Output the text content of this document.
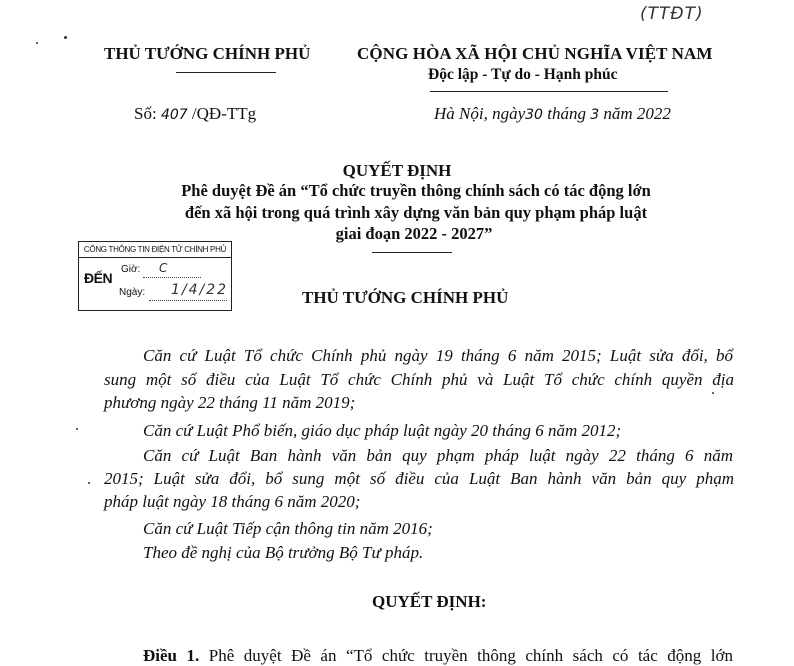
(TTĐT)
THỦ TƯỚNG CHÍNH PHỦ	CỘNG HÒA XÃ HỘI CHỦ NGHĨA VIỆT NAM
Độc lập - Tự do - Hạnh phúc
Số: 407 /QĐ-TTg	Hà Nội, ngày30 tháng 3 năm 2022
QUYẾT ĐỊNH
Phê duyệt Đề án “Tổ chức truyền thông chính sách có tác động lớn
đến xã hội trong quá trình xây dựng văn bản quy phạm pháp luật
giai đoạn 2022 - 2027”
CỔNG THÔNG TIN ĐIỆN TỬ CHÍNH PHỦ
ĐẾN
Giờ: C
Ngày: 1/4/22	THỦ TƯỚNG CHÍNH PHỦ
Căn cứ Luật Tổ chức Chính phủ ngày 19 tháng 6 năm 2015; Luật sửa đổi, bổ
sung một số điều của Luật Tổ chức Chính phủ và Luật Tổ chức chính quyền địa
phương ngày 22 tháng 11 năm 2019;
Căn cứ Luật Phổ biến, giáo dục pháp luật ngày 20 tháng 6 năm 2012;
Căn cứ Luật Ban hành văn bản quy phạm pháp luật ngày 22 tháng 6 năm
2015; Luật sửa đổi, bổ sung một số điều của Luật Ban hành văn bản quy phạm
pháp luật ngày 18 tháng 6 năm 2020;
Căn cứ Luật Tiếp cận thông tin năm 2016;
Theo đề nghị của Bộ trưởng Bộ Tư pháp.
QUYẾT ĐỊNH:
Điều 1. Phê duyệt Đề án “Tổ chức truyền thông chính sách có tác động lớn
